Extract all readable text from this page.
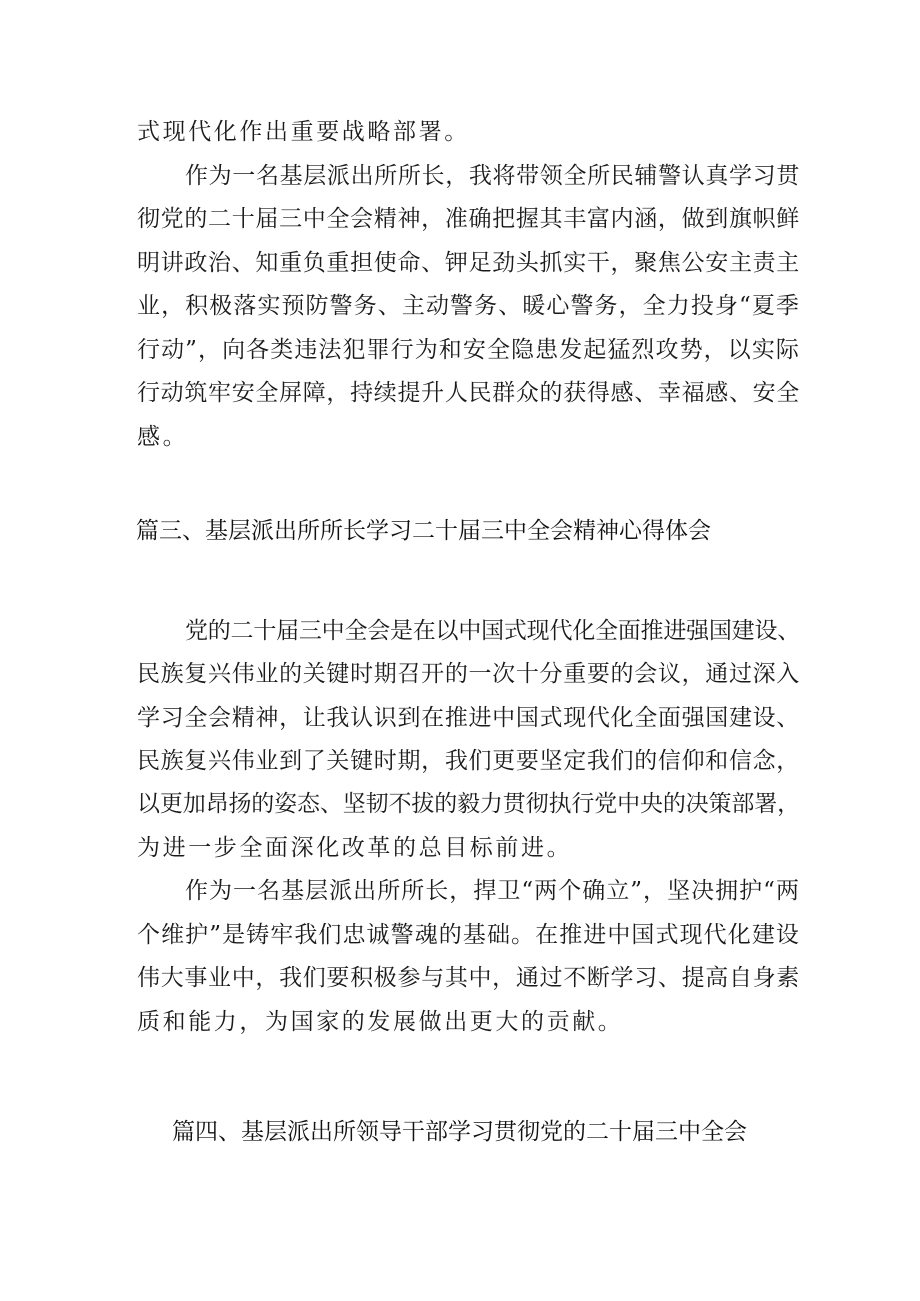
式现代化作出重要战略部署。
作为一名基层派出所所长，我将带领全所民辅警认真学习贯
彻党的二十届三中全会精神，准确把握其丰富内涵，做到旗帜鲜
明讲政治、知重负重担使命、钾足劲头抓实干，聚焦公安主责主
业，积极落实预防警务、主动警务、暖心警务，全力投身“夏季
行动”，向各类违法犯罪行为和安全隐患发起猛烈攻势，以实际
行动筑牢安全屏障，持续提升人民群众的获得感、幸福感、安全
感。
篇三、基层派出所所长学习二十届三中全会精神心得体会
党的二十届三中全会是在以中国式现代化全面推进强国建设、
民族复兴伟业的关键时期召开的一次十分重要的会议，通过深入
学习全会精神，让我认识到在推进中国式现代化全面强国建设、
民族复兴伟业到了关键时期，我们更要坚定我们的信仰和信念，
以更加昂扬的姿态、坚韧不拔的毅力贯彻执行党中央的决策部署，
为进一步全面深化改革的总目标前进。
作为一名基层派出所所长，捍卫“两个确立”，坚决拥护“两
个维护”是铸牢我们忠诚警魂的基础。在推进中国式现代化建设
伟大事业中，我们要积极参与其中，通过不断学习、提高自身素
质和能力，为国家的发展做出更大的贡献。
篇四、基层派出所领导干部学习贯彻党的二十届三中全会
